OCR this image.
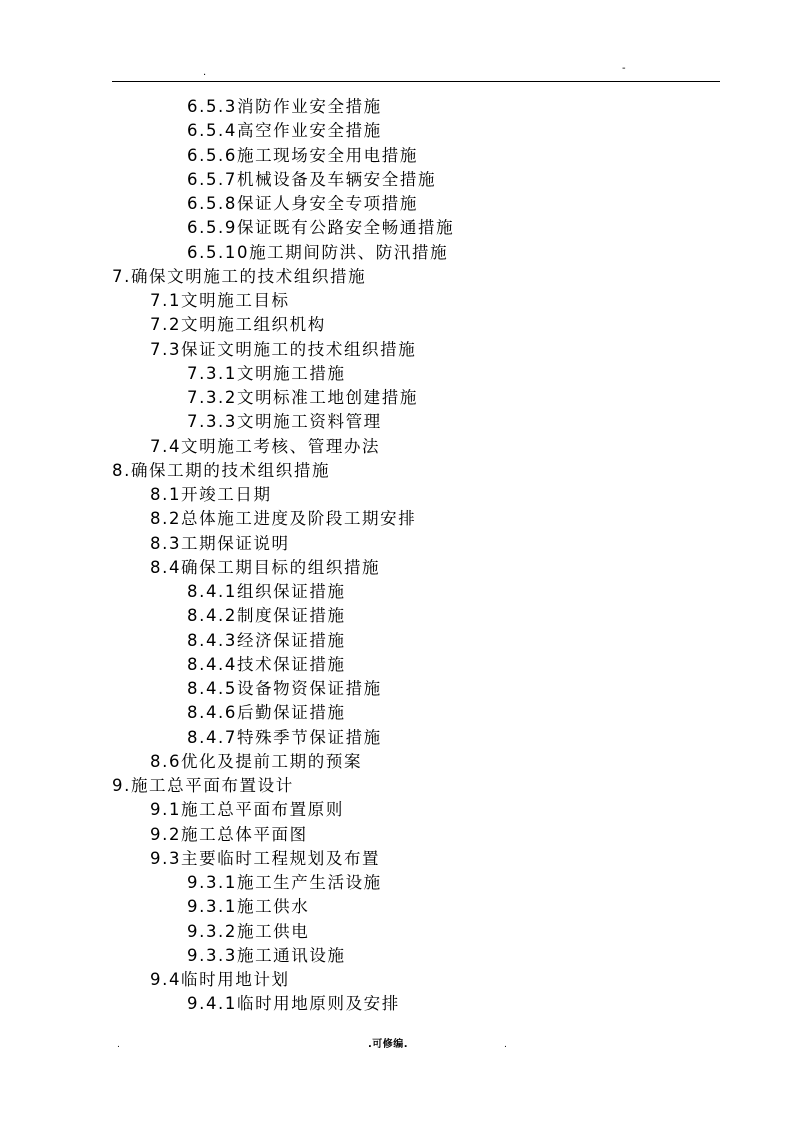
.	-
6.5.3消防作业安全措施
6.5.4高空作业安全措施
6.5.6施工现场安全用电措施
6.5.7机械设备及车辆安全措施
6.5.8保证人身安全专项措施
6.5.9保证既有公路安全畅通措施
6.5.10施工期间防洪、防汛措施
7.确保文明施工的技术组织措施
7.1文明施工目标
7.2文明施工组织机构
7.3保证文明施工的技术组织措施
7.3.1文明施工措施
7.3.2文明标准工地创建措施
7.3.3文明施工资料管理
7.4文明施工考核、管理办法
8.确保工期的技术组织措施
8.1开竣工日期
8.2总体施工进度及阶段工期安排
8.3工期保证说明
8.4确保工期目标的组织措施
8.4.1组织保证措施
8.4.2制度保证措施
8.4.3经济保证措施
8.4.4技术保证措施
8.4.5设备物资保证措施
8.4.6后勤保证措施
8.4.7特殊季节保证措施
8.6优化及提前工期的预案
9.施工总平面布置设计
9.1施工总平面布置原则
9.2施工总体平面图
9.3主要临时工程规划及布置
9.3.1施工生产生活设施
9.3.1施工供水
9.3.2施工供电
9.3.3施工通讯设施
9.4临时用地计划
9.4.1临时用地原则及安排
.	.可修编.	.
